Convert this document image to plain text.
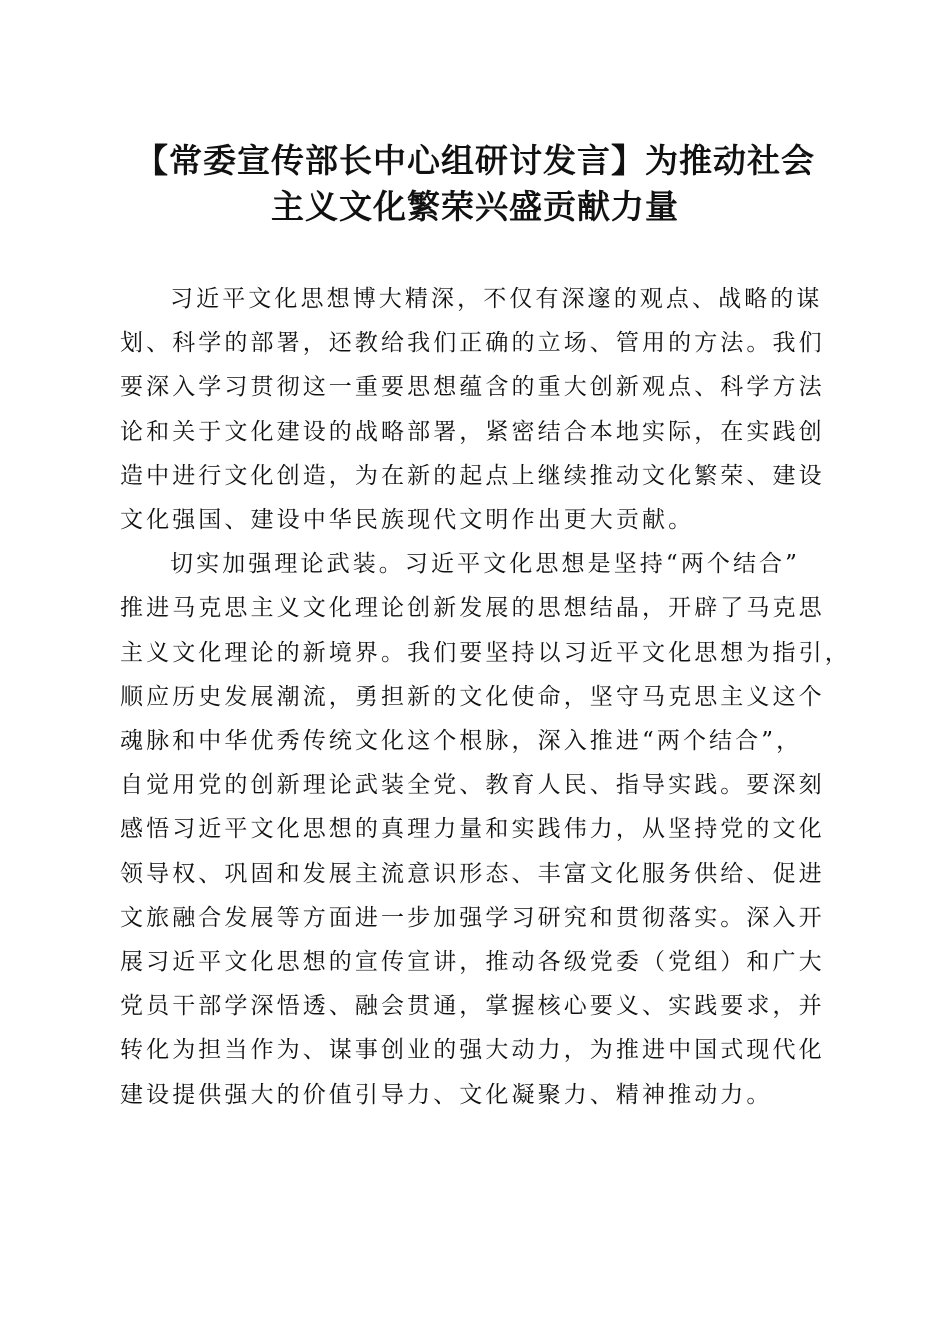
【常委宣传部长中心组研讨发言】为推动社会
主义文化繁荣兴盛贡献力量

习近平文化思想博大精深，不仅有深邃的观点、战略的谋
划、科学的部署，还教给我们正确的立场、管用的方法。我们
要深入学习贯彻这一重要思想蕴含的重大创新观点、科学方法
论和关于文化建设的战略部署，紧密结合本地实际，在实践创
造中进行文化创造，为在新的起点上继续推动文化繁荣、建设
文化强国、建设中华民族现代文明作出更大贡献。

切实加强理论武装。习近平文化思想是坚持“两个结合”
推进马克思主义文化理论创新发展的思想结晶，开辟了马克思
主义文化理论的新境界。我们要坚持以习近平文化思想为指引，
顺应历史发展潮流，勇担新的文化使命，坚守马克思主义这个
魂脉和中华优秀传统文化这个根脉，深入推进“两个结合”，
自觉用党的创新理论武装全党、教育人民、指导实践。要深刻
感悟习近平文化思想的真理力量和实践伟力，从坚持党的文化
领导权、巩固和发展主流意识形态、丰富文化服务供给、促进
文旅融合发展等方面进一步加强学习研究和贯彻落实。深入开
展习近平文化思想的宣传宣讲，推动各级党委（党组）和广大
党员干部学深悟透、融会贯通，掌握核心要义、实践要求，并
转化为担当作为、谋事创业的强大动力，为推进中国式现代化
建设提供强大的价值引导力、文化凝聚力、精神推动力。
